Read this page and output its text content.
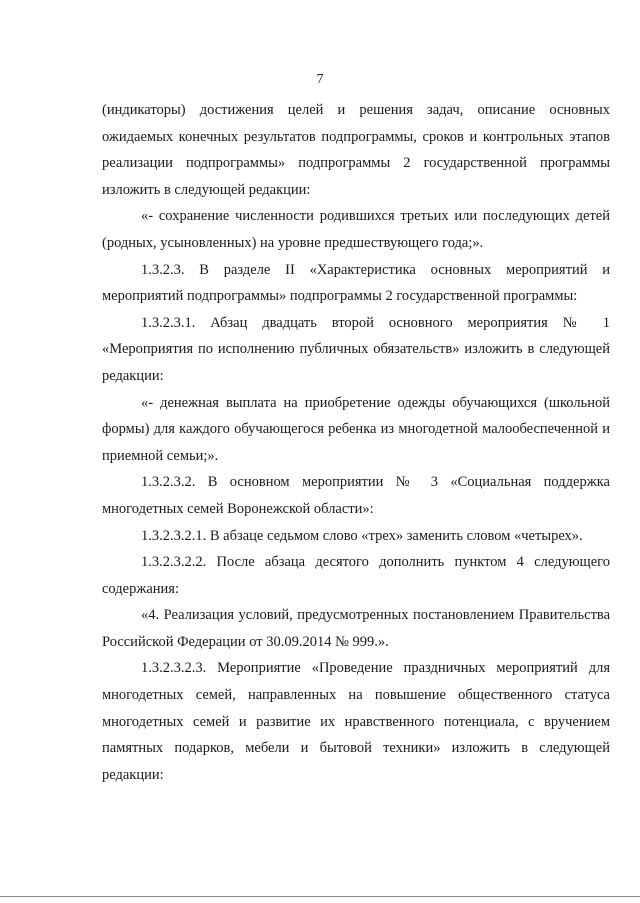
7

(индикаторы) достижения целей и решения задач, описание основных ожидаемых конечных результатов подпрограммы, сроков и контрольных этапов реализации подпрограммы» подпрограммы 2 государственной программы изложить в следующей редакции:

«- сохранение численности родившихся третьих или последующих детей (родных, усыновленных) на уровне предшествующего года;».

1.3.2.3. В разделе II «Характеристика основных мероприятий и мероприятий подпрограммы» подпрограммы 2 государственной программы:

1.3.2.3.1. Абзац двадцать второй основного мероприятия № 1 «Мероприятия по исполнению публичных обязательств» изложить в следующей редакции:

«- денежная выплата на приобретение одежды обучающихся (школьной формы) для каждого обучающегося ребенка из многодетной малообеспеченной и приемной семьи;».

1.3.2.3.2. В основном мероприятии № 3 «Социальная поддержка многодетных семей Воронежской области»:

1.3.2.3.2.1. В абзаце седьмом слово «трех» заменить словом «четырех».

1.3.2.3.2.2. После абзаца десятого дополнить пунктом 4 следующего содержания:

«4. Реализация условий, предусмотренных постановлением Правительства Российской Федерации от 30.09.2014 № 999.».

1.3.2.3.2.3. Мероприятие «Проведение праздничных мероприятий для многодетных семей, направленных на повышение общественного статуса многодетных семей и развитие их нравственного потенциала, с вручением памятных подарков, мебели и бытовой техники» изложить в следующей редакции:
